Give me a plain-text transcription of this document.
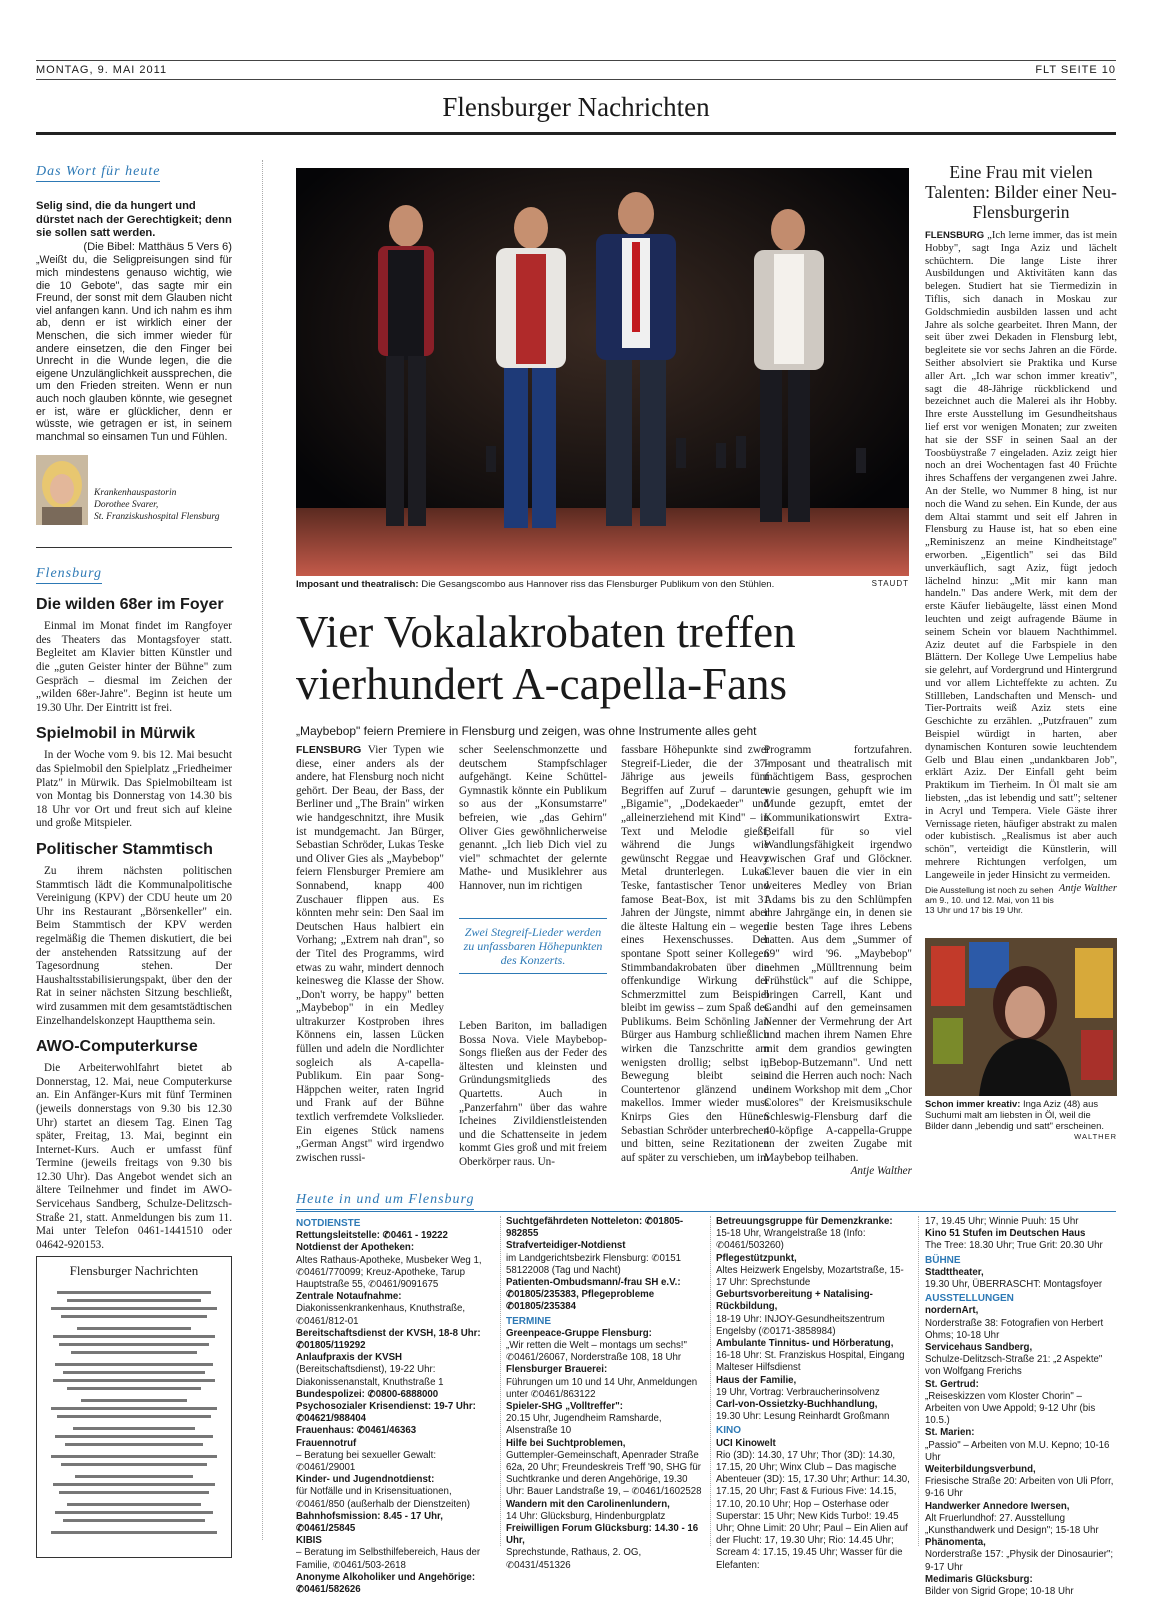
MONTAG, 9. MAI 2011	FLT SEITE 10
Flensburger Nachrichten
Das Wort für heute
Selig sind, die da hungert und dürstet nach der Gerechtigkeit; denn sie sollen satt werden.
(Die Bibel: Matthäus 5 Vers 6)
„Weißt du, die Seligpreisungen sind für mich mindestens genauso wichtig, wie die 10 Gebote", das sagte mir ein Freund, der sonst mit dem Glauben nicht viel anfangen kann. Und ich nahm es ihm ab, denn er ist wirklich einer der Menschen, die sich immer wieder für andere einsetzen, die den Finger bei Unrecht in die Wunde legen, die die eigene Unzulänglichkeit aussprechen, die um den Frieden streiten. Wenn er nun auch noch glauben könnte, wie gesegnet er ist, wäre er glücklicher, denn er wüsste, wie getragen er ist, in seinem manchmal so einsamen Tun und Fühlen.
Krankenhauspastorin
Dorothee Svarer,
St. Franziskushospital Flensburg
Flensburg
Die wilden 68er im Foyer
Einmal im Monat findet im Rangfoyer des Theaters das Montagsfoyer statt. Begleitet am Klavier bitten Künstler und die „guten Geister hinter der Bühne" zum Gespräch – diesmal im Zeichen der „wilden 68er-Jahre". Beginn ist heute um 19.30 Uhr. Der Eintritt ist frei.
Spielmobil in Mürwik
In der Woche vom 9. bis 12. Mai besucht das Spielmobil den Spielplatz „Friedheimer Platz" in Mürwik. Das Spielmobilteam ist von Montag bis Donnerstag von 14.30 bis 18 Uhr vor Ort und freut sich auf kleine und große Mitspieler.
Politischer Stammtisch
Zu ihrem nächsten politischen Stammtisch lädt die Kommunalpolitische Vereinigung (KPV) der CDU heute um 20 Uhr ins Restaurant „Börsenkeller" ein. Beim Stammtisch der KPV werden regelmäßig die Themen diskutiert, die bei der anstehenden Ratssitzung auf der Tagesordnung stehen. Der Haushaltsstabilisierungspakt, über den der Rat in seiner nächsten Sitzung beschließt, wird zusammen mit dem gesamtstädtischen Einzelhandelskonzept Hauptthema sein.
AWO-Computerkurse
Die Arbeiterwohlfahrt bietet ab Donnerstag, 12. Mai, neue Computerkurse an. Ein Anfänger-Kurs mit fünf Terminen (jeweils donnerstags von 9.30 bis 12.30 Uhr) startet an diesem Tag. Einen Tag später, Freitag, 13. Mai, beginnt ein Internet-Kurs. Auch er umfasst fünf Termine (jeweils freitags von 9.30 bis 12.30 Uhr). Das Angebot wendet sich an ältere Teilnehmer und findet im AWO-Servicehaus Sandberg, Schulze-Delitzsch-Straße 21, statt. Anmeldungen bis zum 11. Mai unter Telefon 0461-1441510 oder 04642-920153.
Flensburger Nachrichten
Imposant und theatralisch: Die Gesangscombo aus Hannover riss das Flensburger Publikum von den Stühlen.	STAUDT
Vier Vokalakrobaten treffen
vierhundert A-capella-Fans
„Maybebop" feiern Premiere in Flensburg und zeigen, was ohne Instrumente alles geht
FLENSBURG Vier Typen wie diese, einer anders als der andere, hat Flensburg noch nicht gehört. Der Beau, der Bass, der Berliner und „The Brain" wirken wie handgeschnitzt, ihre Musik ist mundgemacht. Jan Bürger, Sebastian Schröder, Lukas Teske und Oliver Gies als „Maybebop" feiern Flensburger Premiere am Sonnabend, knapp 400 Zuschauer flippen aus. Es könnten mehr sein: Den Saal im Deutschen Haus halbiert ein Vorhang; „Extrem nah dran", so der Titel des Programms, wird etwas zu wahr, mindert dennoch keinesweg die Klasse der Show. „Don't worry, be happy" betten „Maybebop" in ein Medley ultrakurzer Kostproben ihres Könnens ein, lassen Lücken füllen und adeln die Nordlichter sogleich als A-capella-Publikum. Ein paar Song-Häppchen weiter, raten Ingrid und Frank auf der Bühne textlich verfremdete Volkslieder. Ein eigenes Stück namens „German Angst" wird irgendwo zwischen russi-
scher Seelenschmonzette und deutschem Stampfschlager aufgehängt. Keine Schüttel-Gymnastik könnte ein Publikum so aus der „Konsumstarre" befreien, wie „das Gehirn" Oliver Gies gewöhnlicherweise genannt. „Ich lieb Dich viel zu viel" schmachtet der gelernte Mathe- und Musiklehrer aus Hannover, nun im richtigen
Zwei Stegreif-Lieder werden zu unfassbaren Höhepunkten des Konzerts.
Leben Bariton, im balladigen Bossa Nova. Viele Maybebop-Songs fließen aus der Feder des ältesten und kleinsten und Gründungsmitglieds des Quartetts. Auch in „Panzerfahrn" über das wahre Icheines Zivildienstleistenden und die Schattenseite in jedem kommt Gies groß und mit freiem Oberkörper raus. Un-
fassbare Höhepunkte sind zwei Stegreif-Lieder, die der 37-Jährige aus jeweils fünf Begriffen auf Zuruf – darunter „Bigamie", „Dodekaeder" und „alleinerziehend mit Kind" – in Text und Melodie gießt, während die Jungs wie gewünscht Reggae und Heavy Metal drunterlegen. Lukas Teske, fantastischer Tenor und famose Beat-Box, ist mit 31 Jahren der Jüngste, nimmt aber die älteste Haltung ein – wegen eines Hexenschusses. Der spontane Spott seiner Kollegen Stimmbandakrobaten über die offenkundige Wirkung der Schmerzmittel zum Beispiel bleibt im gewiss – zum Spaß des Publikums. Beim Schönling Jan Bürger aus Hamburg schließlich wirken die Tanzschritte am wenigsten drollig; selbst in Bewegung bleibt sein Countertenor glänzend und makellos. Immer wieder muss Knirps Gies den Hünen Sebastian Schröder unterbrechen und bitten, seine Rezitationen auf später zu verschieben, um im
Programm fortzufahren. Imposant und theatralisch mit mächtigem Bass, gesprochen wie gesungen, gehupft wie im Munde gezupft, emtet der Kommunikationswirt Extra-Beifall für so viel Wandlungsfähigkeit irgendwo zwischen Graf und Glöckner. Clever bauen die vier in ein weiteres Medley von Brian Adams bis zu den Schlümpfen ihre Jahrgänge ein, in denen sie die besten Tage ihres Lebens hatten. Aus dem „Summer of 69" wird '96. „Maybebop" nehmen „Mülltrennung beim Frühstück" auf die Schippe, bringen Carrell, Kant und Gandhi auf den gemeinsamen Nenner der Vermehrung der Art und machen ihrem Namen Ehre mit dem grandios gewingten „Bebop-Butzemann". Und nett sind die Herren auch noch: Nach einem Workshop mit dem „Chor Colores" der Kreismusikschule Schleswig-Flensburg darf die 40-köpfige A-cappella-Gruppe an der zweiten Zugabe mit Maybebop teilhaben.
Antje Walther
Eine Frau mit vielen Talenten: Bilder einer Neu-Flensburgerin
FLENSBURG „Ich lerne immer, das ist mein Hobby", sagt Inga Aziz und lächelt schüchtern. Die lange Liste ihrer Ausbildungen und Aktivitäten kann das belegen. Studiert hat sie Tiermedizin in Tiflis, sich danach in Moskau zur Goldschmiedin ausbilden lassen und acht Jahre als solche gearbeitet. Ihren Mann, der seit über zwei Dekaden in Flensburg lebt, begleitete sie vor sechs Jahren an die Förde. Seither absolviert sie Praktika und Kurse aller Art. „Ich war schon immer kreativ", sagt die 48-Jährige rückblickend und bezeichnet auch die Malerei als ihr Hobby. Ihre erste Ausstellung im Gesundheitshaus lief erst vor wenigen Monaten; zur zweiten hat sie der SSF in seinen Saal an der Toosbüystraße 7 eingeladen. Aziz zeigt hier noch an drei Wochentagen fast 40 Früchte ihres Schaffens der vergangenen zwei Jahre. An der Stelle, wo Nummer 8 hing, ist nur noch die Wand zu sehen. Ein Kunde, der aus dem Altai stammt und seit elf Jahren in Flensburg zu Hause ist, hat so eben eine „Reminiszenz an meine Kindheitstage" erworben. „Eigentlich" sei das Bild unverkäuflich, sagt Aziz, fügt jedoch lächelnd hinzu: „Mit mir kann man handeln." Das andere Werk, mit dem der erste Käufer liebäugelte, lässt einen Mond leuchten und zeigt aufragende Bäume in seinem Schein vor blauem Nachthimmel. Aziz deutet auf die Farbspiele in den Blättern. Der Kollege Uwe Lempelius habe sie gelehrt, auf Vordergrund und Hintergrund und vor allem Lichteffekte zu achten. Zu Stillleben, Landschaften und Mensch- und Tier-Portraits weiß Aziz stets eine Geschichte zu erzählen. „Putzfrauen" zum Beispiel würdigt in harten, aber dynamischen Konturen sowie leuchtendem Gelb und Blau einen „undankbaren Job", erklärt Aziz. Der Einfall geht beim Praktikum im Tierheim. In Öl malt sie am liebsten, „das ist lebendig und satt"; seltener in Acryl und Tempera. Viele Gäste ihrer Vernissage rieten, häufiger abstrakt zu malen oder kubistisch. „Realismus ist aber auch schön", verteidigt die Künstlerin, will mehrere Richtungen verfolgen, um Langeweile in jeder Hinsicht zu vermeiden.
Antje Walther
Die Ausstellung ist noch zu sehen am 9., 10. und 12. Mai, von 11 bis 13 Uhr und 17 bis 19 Uhr.
Schon immer kreativ: Inga Aziz (48) aus Suchumi malt am liebsten in Öl, weil die Bilder dann „lebendig und satt" erscheinen.
WALTHER
Heute in und um Flensburg
NOTDIENSTE
Rettungsleitstelle: ✆0461 - 19222
Notdienst der Apotheken:
Altes Rathaus-Apotheke, Musbeker Weg 1, ✆0461/770099; Kreuz-Apotheke, Tarup Hauptstraße 55, ✆0461/9091675
Zentrale Notaufnahme:
Diakonissenkrankenhaus, Knuthstraße, ✆0461/812-01
Bereitschaftsdienst der KVSH, 18-8 Uhr: ✆01805/119292
Anlaufpraxis der KVSH
(Bereitschaftsdienst), 19-22 Uhr: Diakonissenanstalt, Knuthstraße 1
Bundespolizei: ✆0800-6888000
Psychosozialer Krisendienst: 19-7 Uhr: ✆04621/988404
Frauenhaus: ✆0461/46363
Frauennotruf
– Beratung bei sexueller Gewalt: ✆0461/29001
Kinder- und Jugendnotdienst:
für Notfälle und in Krisensituationen, ✆0461/850 (außerhalb der Dienstzeiten)
Bahnhofsmission: 8.45 - 17 Uhr, ✆0461/25845
KIBIS
– Beratung im Selbsthilfebereich, Haus der Familie, ✆0461/503-2618
Anonyme Alkoholiker und Angehörige: ✆0461/582626
Suchtgefährdeten Notteleton: ✆01805-982855
Strafverteidiger-Notdienst
im Landgerichtsbezirk Flensburg: ✆0151 58122008 (Tag und Nacht)
Patienten-Ombudsmann/-frau SH e.V.: ✆01805/235383, Pflegeprobleme ✆01805/235384
TERMINE
Greenpeace-Gruppe Flensburg:
„Wir retten die Welt – montags um sechs!" ✆0461/26067, Norderstraße 108, 18 Uhr
Flensburger Brauerei:
Führungen um 10 und 14 Uhr, Anmeldungen unter ✆0461/863122
Spieler-SHG „Volltreffer":
20.15 Uhr, Jugendheim Ramsharde, Alsenstraße 10
Hilfe bei Suchtproblemen,
Guttempler-Gemeinschaft, Apenrader Straße 62a, 20 Uhr; Freundeskreis Treff '90, SHG für Suchtkranke und deren Angehörige, 19.30 Uhr: Bauer Landstraße 19, – ✆0461/1602528
Wandern mit den Carolinenlundern,
14 Uhr: Glücksburg, Hindenburgplatz
Freiwilligen Forum Glücksburg: 14.30 - 16 Uhr,
Sprechstunde, Rathaus, 2. OG, ✆0431/451326
Betreuungsgruppe für Demenzkranke:
15-18 Uhr, Wrangelstraße 18 (Info: ✆0461/503260)
Pflegestützpunkt,
Altes Heizwerk Engelsby, Mozartstraße, 15-17 Uhr: Sprechstunde
Geburtsvorbereitung + Natalising-Rückbildung,
18-19 Uhr: INJOY-Gesundheitszentrum Engelsby (✆0171-3858984)
Ambulante Tinnitus- und Hörberatung,
16-18 Uhr: St. Franziskus Hospital, Eingang Malteser Hilfsdienst
Haus der Familie,
19 Uhr, Vortrag: Verbraucherinsolvenz
Carl-von-Ossietzky-Buchhandlung,
19.30 Uhr: Lesung Reinhardt Großmann
KINO
UCI Kinowelt
Rio (3D): 14.30, 17 Uhr; Thor (3D): 14.30, 17.15, 20 Uhr; Winx Club – Das magische Abenteuer (3D): 15, 17.30 Uhr; Arthur: 14.30, 17.15, 20 Uhr; Fast & Furious Five: 14.15, 17.10, 20.10 Uhr; Hop – Osterhase oder Superstar: 15 Uhr; New Kids Turbo!: 19.45 Uhr; Ohne Limit: 20 Uhr; Paul – Ein Alien auf der Flucht: 17, 19.30 Uhr; Rio: 14.45 Uhr; Scream 4: 17.15, 19.45 Uhr; Wasser für die Elefanten:
17, 19.45 Uhr; Winnie Puuh: 15 Uhr
Kino 51 Stufen im Deutschen Haus
The Tree: 18.30 Uhr; True Grit: 20.30 Uhr
BÜHNE
Stadttheater,
19.30 Uhr, ÜBERRASCHT: Montagsfoyer
AUSSTELLUNGEN
nordernArt,
Norderstraße 38: Fotografien von Herbert Ohms; 10-18 Uhr
Servicehaus Sandberg,
Schulze-Delitzsch-Straße 21: „2 Aspekte" von Wolfgang Frerichs
St. Gertrud:
„Reiseskizzen vom Kloster Chorin" – Arbeiten von Uwe Appold; 9-12 Uhr (bis 10.5.)
St. Marien:
„Passio" – Arbeiten von M.U. Kepno; 10-16 Uhr
Weiterbildungsverbund,
Friesische Straße 20: Arbeiten von Uli Pforr, 9-16 Uhr
Handwerker Annedore Iwersen,
Alt Fruerlundhof: 27. Ausstellung „Kunsthandwerk und Design"; 15-18 Uhr
Phänomenta,
Norderstraße 157: „Physik der Dinosaurier"; 9-17 Uhr
Medimaris Glücksburg:
Bilder von Sigrid Grope; 10-18 Uhr
